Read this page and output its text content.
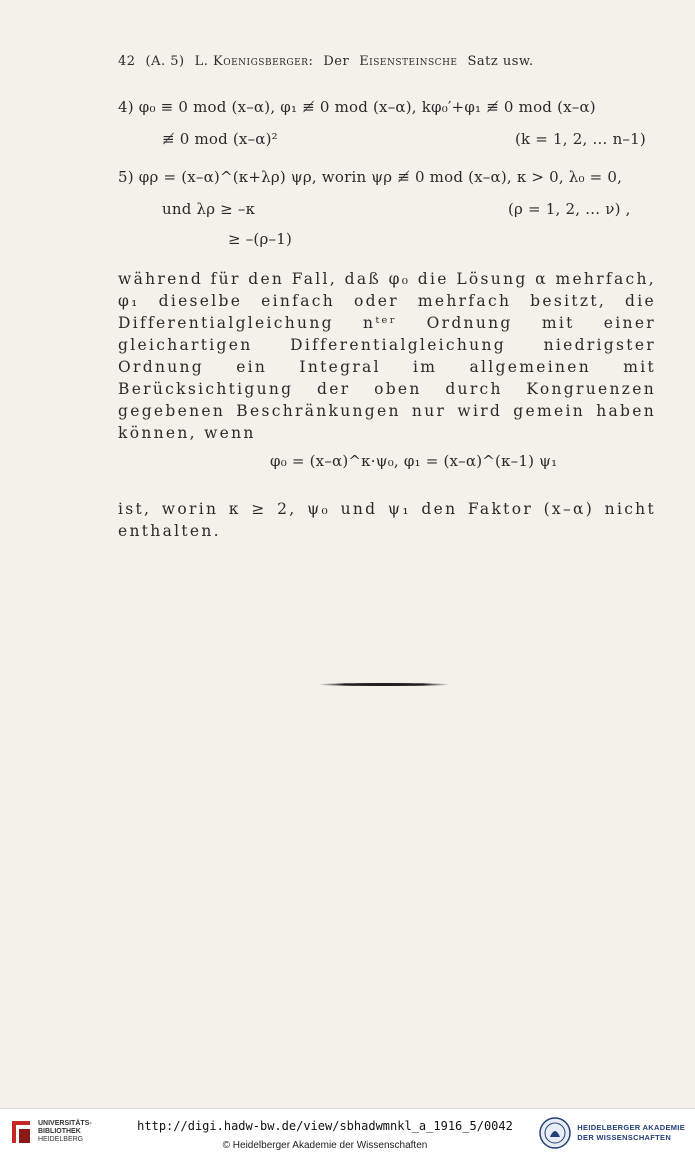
42 (A. 5) L. Koenigsberger: Der Eisensteinsche Satz usw.
4) φ₀ ≡ 0 mod (x–α), φ₁ ≢ 0 mod (x–α), kφ₀′+φ₁ ≢ 0 mod (x–α)
≢ 0 mod (x–α)²	(k = 1, 2, … n–1)
5) φρ = (x–α)^(κ+λρ) ψρ, worin ψρ ≢ 0 mod (x–α), κ > 0, λ₀ = 0,
und λρ ≥ –κ	(ρ = 1, 2, … ν) ,
≥ –(ρ–1)
während für den Fall, daß φ₀ die Lösung α mehrfach, φ₁ dieselbe einfach oder mehrfach besitzt, die Differentialgleichung nᵗᵉʳ Ordnung mit einer gleichartigen Differentialgleichung niedrigster Ordnung ein Integral im allgemeinen mit Berücksichtigung der oben durch Kongruenzen gegebenen Beschränkungen nur wird gemein haben können, wenn
φ₀ = (x–α)^κ·ψ₀, φ₁ = (x–α)^(κ–1) ψ₁
ist, worin κ ≥ 2, ψ₀ und ψ₁ den Faktor (x–α) nicht enthalten.
UNIVERSITÄTS-
BIBLIOTHEK
HEIDELBERG
http://digi.hadw-bw.de/view/sbhadwmnkl_a_1916_5/0042
© Heidelberger Akademie der Wissenschaften
HEIDELBERGER AKADEMIE
DER WISSENSCHAFTEN
